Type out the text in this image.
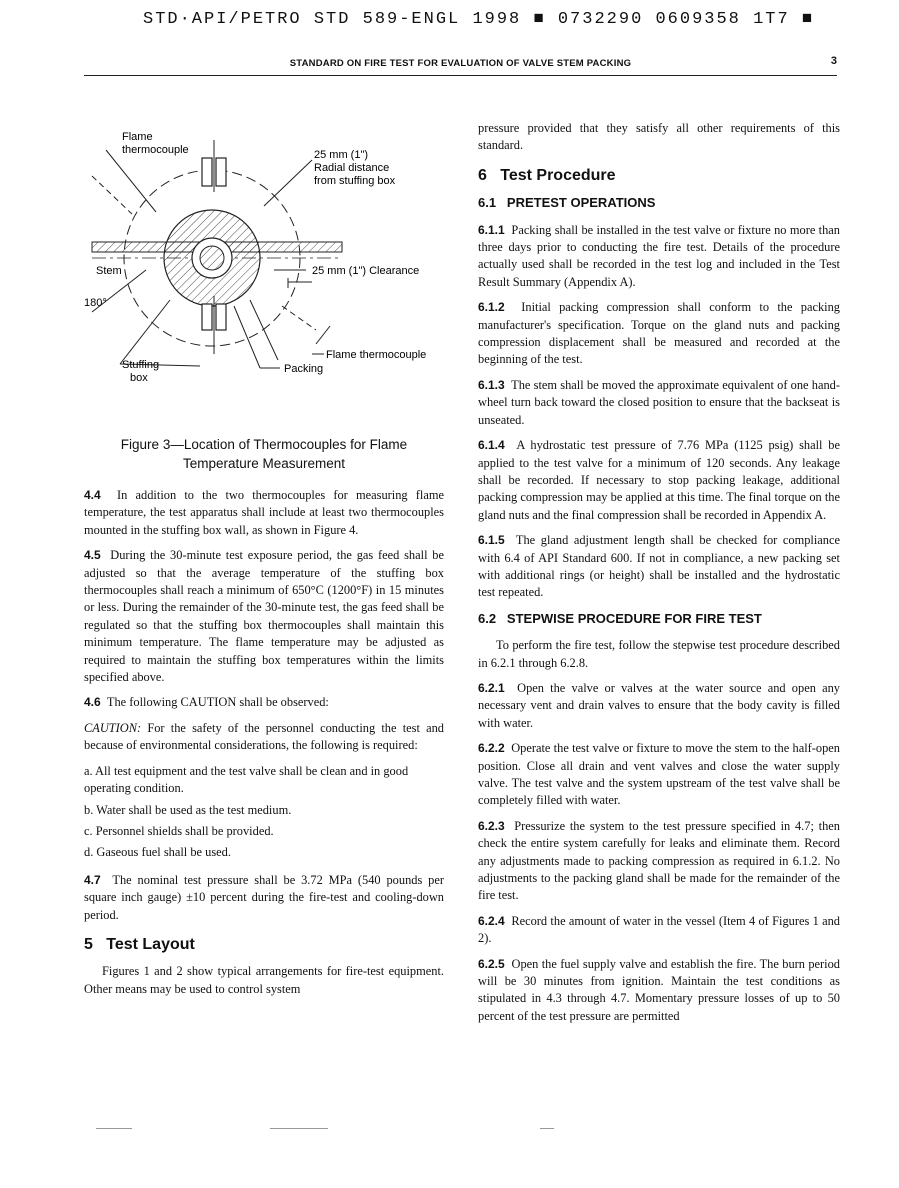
STD·API/PETRO STD 589-ENGL 1998 ■ 0732290 0609358 1T7 ■
STANDARD ON FIRE TEST FOR EVALUATION OF VALVE STEM PACKING	3
Flame
thermocouple	25 mm (1")
Radial distance
from stuffing box
Stem	25 mm (1") Clearance
180°
Flame thermocouple
Stuffing
box
Packing
Figure 3—Location of Thermocouples for Flame
Temperature Measurement

4.4 In addition to the two thermocouples for measuring flame temperature, the test apparatus shall include at least two thermocouples mounted in the stuffing box wall, as shown in Figure 4.

4.5 During the 30-minute test exposure period, the gas feed shall be adjusted so that the average temperature of the stuffing box thermocouples shall reach a minimum of 650°C (1200°F) in 15 minutes or less. During the remainder of the 30-minute test, the gas feed shall be regulated so that the stuffing box thermocouples shall maintain this minimum temperature. The flame temperature may be adjusted as required to maintain the stuffing box temperatures within the limits specified above.

4.6 The following CAUTION shall be observed:

CAUTION: For the safety of the personnel conducting the test and because of environmental considerations, the following is required:

a. All test equipment and the test valve shall be clean and in good operating condition.
b. Water shall be used as the test medium.
c. Personnel shields shall be provided.
d. Gaseous fuel shall be used.

4.7 The nominal test pressure shall be 3.72 MPa (540 pounds per square inch gauge) ±10 percent during the fire-test and cooling-down period.

5   Test Layout

Figures 1 and 2 show typical arrangements for fire-test equipment. Other means may be used to control system

pressure provided that they satisfy all other requirements of this standard.

6   Test Procedure
6.1   PRETEST OPERATIONS

6.1.1 Packing shall be installed in the test valve or fixture no more than three days prior to conducting the fire test. Details of the procedure actually used shall be recorded in the test log and included in the Test Result Summary (Appendix A).

6.1.2 Initial packing compression shall conform to the packing manufacturer's specification. Torque on the gland nuts and packing compression displacement shall be measured and recorded at the beginning of the test.

6.1.3 The stem shall be moved the approximate equivalent of one hand-wheel turn back toward the closed position to ensure that the backseat is unseated.

6.1.4 A hydrostatic test pressure of 7.76 MPa (1125 psig) shall be applied to the test valve for a minimum of 120 seconds. Any leakage shall be recorded. If necessary to stop packing leakage, additional packing compression may be applied at this time. The final torque on the gland nuts and the final compression shall be recorded in Appendix A.

6.1.5 The gland adjustment length shall be checked for compliance with 6.4 of API Standard 600. If not in compliance, a new packing set with additional rings (or height) shall be installed and the hydrostatic test repeated.

6.2   STEPWISE PROCEDURE FOR FIRE TEST

To perform the fire test, follow the stepwise test procedure described in 6.2.1 through 6.2.8.

6.2.1 Open the valve or valves at the water source and open any necessary vent and drain valves to ensure that the body cavity is filled with water.

6.2.2 Operate the test valve or fixture to move the stem to the half-open position. Close all drain and vent valves and close the water supply valve. The test valve and the system upstream of the test valve shall be completely filled with water.

6.2.3 Pressurize the system to the test pressure specified in 4.7; then check the entire system carefully for leaks and eliminate them. Record any adjustments made to packing compression as required in 6.1.2. No adjustments to the packing gland shall be made for the remainder of the fire test.

6.2.4 Record the amount of water in the vessel (Item 4 of Figures 1 and 2).

6.2.5 Open the fuel supply valve and establish the fire. The burn period will be 30 minutes from ignition. Maintain the test conditions as stipulated in 4.3 through 4.7. Momentary pressure losses of up to 50 percent of the test pressure are permitted
